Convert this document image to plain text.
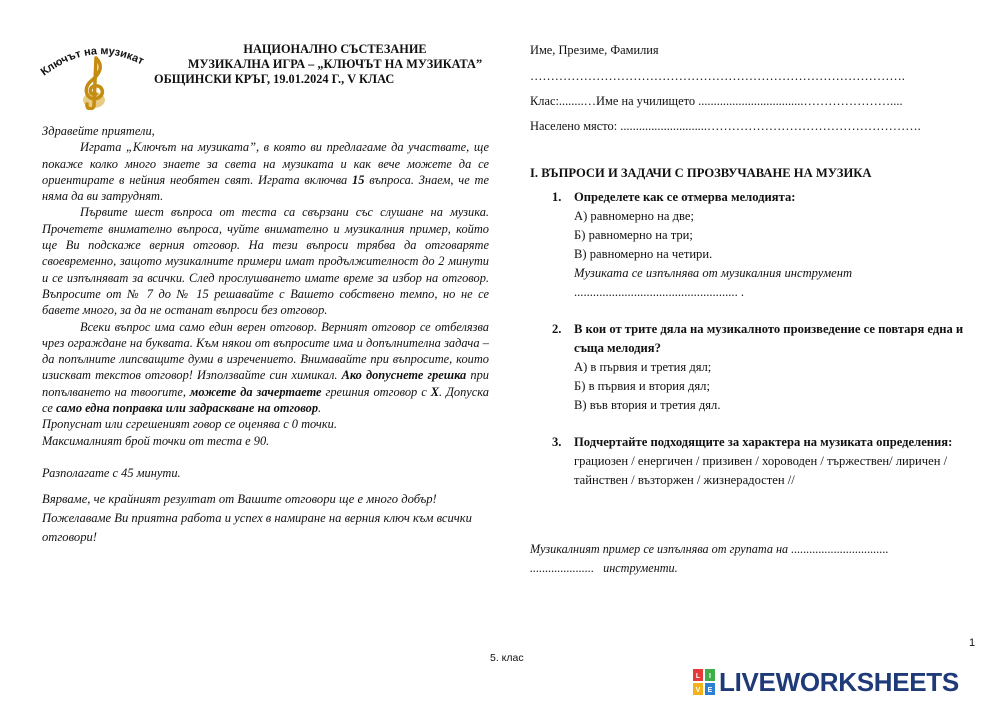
Ключът на музикат
НАЦИОНАЛНО СЪСТЕЗАНИЕ
МУЗИКАЛНА ИГРА – „КЛЮЧЪТ НА МУЗИКАТА”
ОБЩИНСКИ КРЪГ, 19.01.2024 Г., V КЛАС

Здравейте приятели,

Играта „Ключът на музиката”, в която ви предлагаме да участвате, ще покаже колко много знаете за света на музиката и как вече можете да се ориентирате в нейния необятен свят. Играта включва 15 въпроса. Знаем, че те няма да ви затруднят.

Първите шест въпроса от теста са свързани със слушане на музика. Прочетете внимателно въпроса, чуйте внимателно и музикалния пример, който ще Ви подскаже верния отговор. На тези въпроси трябва да отговаряте своевременно, защото музикалните примери имат продължителност до 2 минути и се изпълняват за всички. След прослушването имате време за избор на отговор. Въпросите от № 7 до № 15 решавайте с Вашето собствено темпо, но не се бавете много, за да не останат въпроси без отговор.

Всеки въпрос има само един верен отговор. Верният отговор се отбелязва чрез ограждане на буквата. Към някои от въпросите има и допълнителна задача – да попълните липсващите думи в изречението. Внимавайте при въпросите, които изискват текстов отговор! Използвайте син химикал. Ако допуснете грешка при попълването на твоorите, можете да зачертаете грешния отговор с X. Допуска се само една поправка или задраскване на отговор.

Пропуснат или сгрешеният говор се оценява с 0 точки.

Максималният брой точки от теста е 90.

Разполагате с 45 минути.

Вярваме, че крайният резултат от Вашите отговори ще е много добър! Пожелаваме Ви приятна работа и успех в намиране на верния ключ към всички отговори!

Име, Презиме, Фамилия
……………………………………………………………………………….
Клас:........…Име на училището ..................................…………………....
Населено място: ............................…………………………………………….
I. ВЪПРОСИ И ЗАДАЧИ С ПРОЗВУЧАВАНЕ НА МУЗИКА
1. Определете как се отмерва мелодията:
А) равномерно на две;
Б) равномерно на три;
В) равномерно на четири.
Музиката се изпълнява от музикалния инструмент
.................................................... .
2. В кои от трите дяла на музикалното произведение се повтаря една и съща мелодия?
А) в първия и третия дял;
Б) в първия и втория дял;
В) във втория и третия дял.
3. Подчертайте подходящите за характера на музиката определения:
грациозен / енергичен / призивен / хороводен / тържествен/ лиричен / тайнствен / възторжен / жизнерадостен //
Музикалният пример се изпълнява от групата на ................................
..................... инструменти.
1
5. клас
L I
V E LIVEWORKSHEETS
